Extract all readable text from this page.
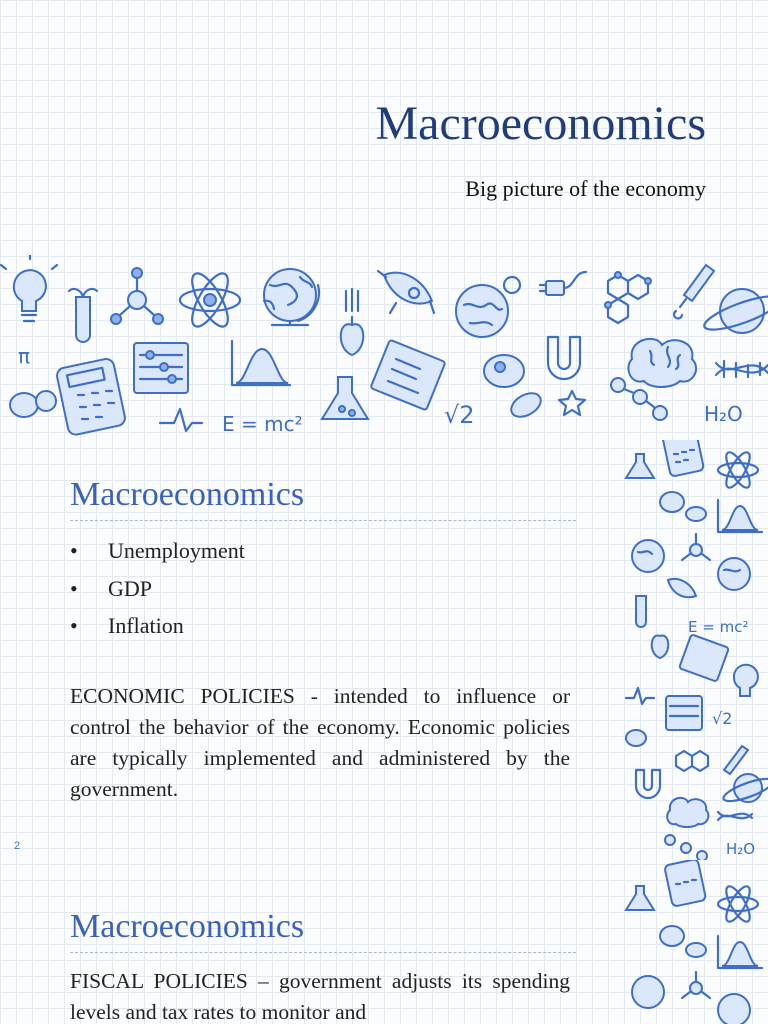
Macroeconomics
Big picture of the economy
π
E = mc²	√2	H₂O
Macroeconomics
• Unemployment
• GDP
• Inflation
ECONOMIC POLICIES - intended to influence or control the behavior of the economy. Economic policies are typically implemented and administered by the government.
2
E = mc²
√2
H₂O
Macroeconomics
FISCAL POLICIES – government adjusts its spending levels and tax rates to monitor and
